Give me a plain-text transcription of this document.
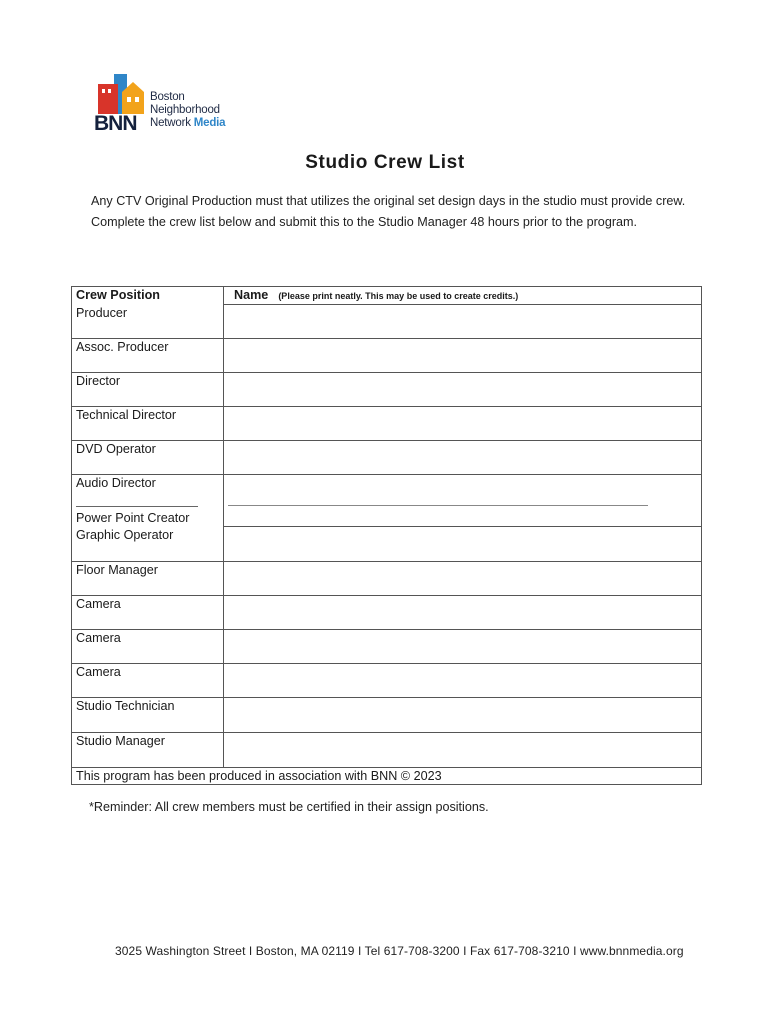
BNN
Boston
Neighborhood
Network Media
Studio Crew List
Any CTV Original Production must that utilizes the original set design days in the studio must provide crew. Complete the crew list below and submit this to the Studio Manager 48 hours prior to the program.
Crew Position	Name (Please print neatly. This may be used to create credits.)

Producer	

Assoc. Producer	

Director	

Technical Director	

DVD Operator	

Audio Director
Power Point Creator	

Graphic Operator	

Floor Manager	

Camera	

Camera	

Camera	

Studio Technician	

Studio Manager	

This program has been produced in association with BNN © 2023	
*Reminder: All crew members must be certified in their assign positions.
3025 Washington Street I Boston, MA 02119 I Tel 617-708-3200 I Fax 617-708-3210 I www.bnnmedia.org
